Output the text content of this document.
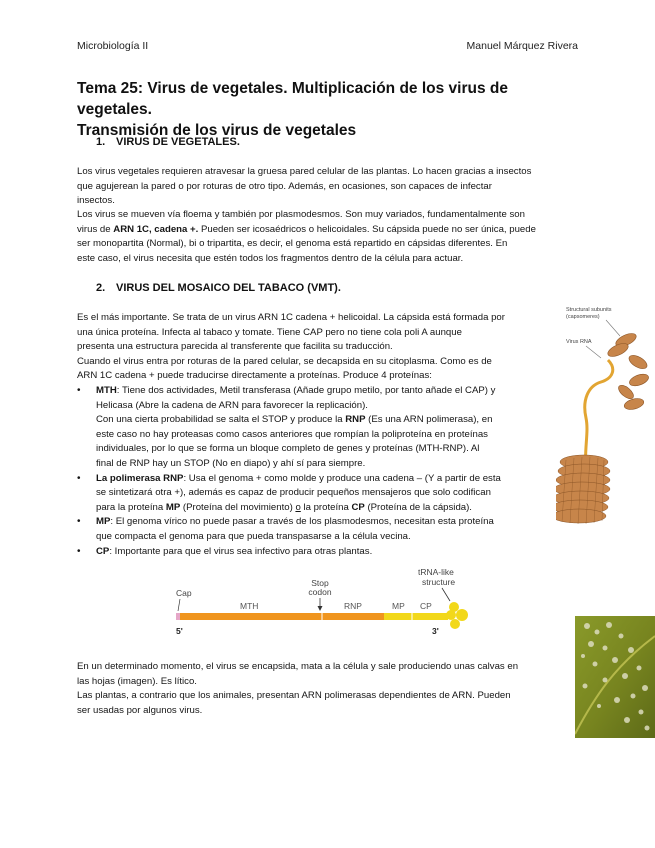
Microbiología II	Manuel Márquez Rivera
Tema 25: Virus de vegetales. Multiplicación de los virus de vegetales.
Transmisión de los virus de vegetales
1. VIRUS DE VEGETALES.
Los virus vegetales requieren atravesar la gruesa pared celular de las plantas. Lo hacen gracias a insectos
que agujerean la pared o por roturas de otro tipo. Además, en ocasiones, son capaces de infectar
insectos.
Los virus se mueven vía floema y también por plasmodesmos. Son muy variados, fundamentalmente son
virus de ARN 1C, cadena +. Pueden ser icosaédricos o helicoidales. Su cápsida puede no ser única, puede
ser monopartita (Normal), bi o tripartita, es decir, el genoma está repartido en cápsidas diferentes. En
este caso, el virus necesita que estén todos los fragmentos dentro de la célula para actuar.
2. VIRUS DEL MOSAICO DEL TABACO (VMT).
Es el más importante. Se trata de un virus ARN 1C cadena + helicoidal. La cápsida está formada por
una única proteína. Infecta al tabaco y tomate. Tiene CAP pero no tiene cola poli A aunque
presenta una estructura parecida al transferente que facilita su traducción.
Cuando el virus entra por roturas de la pared celular, se decapsida en su citoplasma. Como es de
ARN 1C cadena + puede traducirse directamente a proteínas. Produce 4 proteínas:
• MTH: Tiene dos actividades, Metil transferasa (Añade grupo metilo, por tanto añade el CAP) y
Helicasa (Abre la cadena de ARN para favorecer la replicación).
Con una cierta probabilidad se salta el STOP y produce la RNP (Es una ARN polimerasa), en
este caso no hay proteasas como casos anteriores que rompían la poliproteína en proteínas
individuales, por lo que se forma un bloque completo de genes y proteínas (MTH-RNP). Al
final de RNP hay un STOP (No en diapo) y ahí sí para siempre.
• La polimerasa RNP: Usa el genoma + como molde y produce una cadena – (Y a partir de esta
se sintetizará otra +), además es capaz de producir pequeños mensajeros que solo codifican
para la proteína MP (Proteína del movimiento) o la proteína CP (Proteína de la cápsida).
• MP: El genoma vírico no puede pasar a través de los plasmodesmos, necesitan esta proteína
que compacta el genoma para que pueda transpasarse a la célula vecina.
• CP: Importante para que el virus sea infectivo para otras plantas.
Structural subunits
(capsomeres)
Virus RNA
Stop
codon
tRNA-like
structure
Cap
MTH	RNP	MP CP
5'	3'
En un determinado momento, el virus se encapsida, mata a la célula y sale produciendo unas calvas en
las hojas (imagen). Es lítico.
Las plantas, a contrario que los animales, presentan ARN polimerasas dependientes de ARN. Pueden
ser usadas por algunos virus.
